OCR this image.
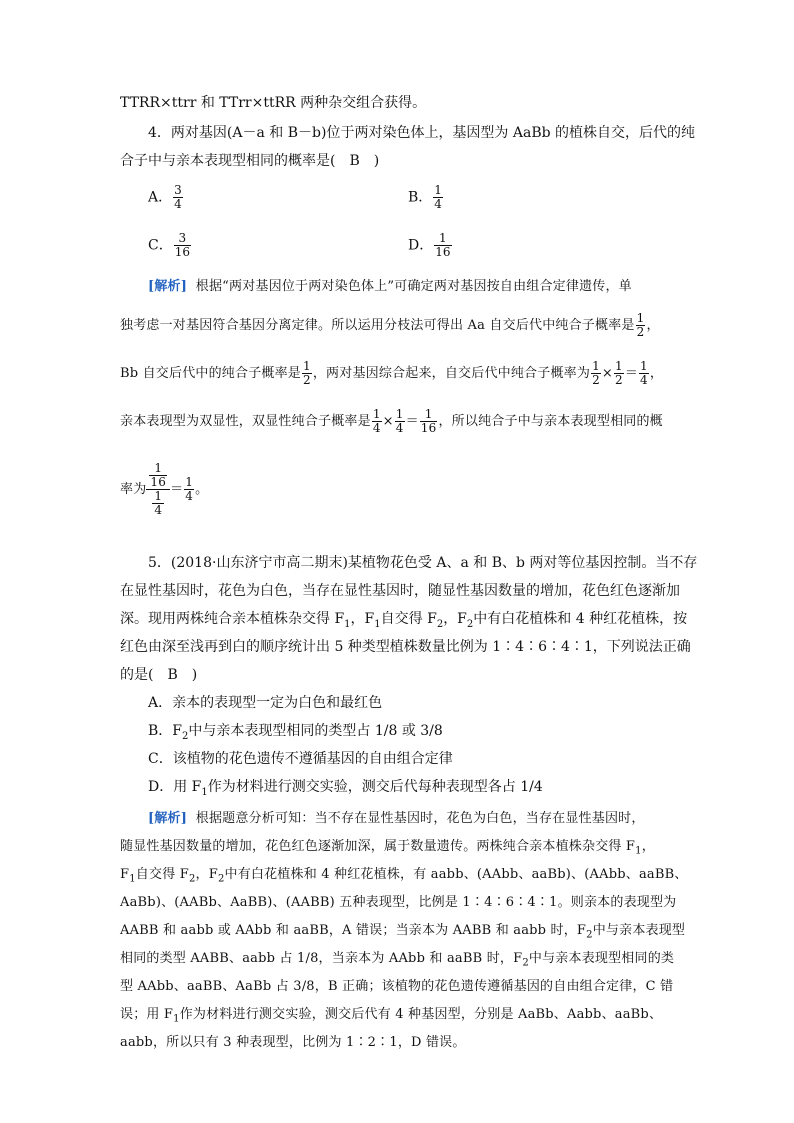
TTRR×ttrr 和 TTrr×ttRR 两种杂交组合获得。
4．两对基因(A－a 和 B－b)位于两对染色体上，基因型为 AaBb 的植株自交，后代的纯
合子中与亲本表现型相同的概率是(　B　)
A． $\frac{3}{4}$	B． $\frac{1}{4}$
C． $\frac{3}{16}$	D． $\frac{1}{16}$
[解析] 根据“两对基因位于两对染色体上”可确定两对基因按自由组合定律遗传，单
独考虑一对基因符合基因分离定律。所以运用分枝法可得出 Aa 自交后代中纯合子概率是 $\frac{1}{2}$ ，
Bb 自交后代中的纯合子概率是 $\frac{1}{2}$ ，两对基因综合起来，自交后代中纯合子概率为 $\frac{1}{2} \times \frac{1}{2} = \frac{1}{4}$ ，
亲本表现型为双显性，双显性纯合子概率是 $\frac{1}{4} \times \frac{1}{4} = \frac{1}{16}$ ，所以纯合子中与亲本表现型相同的概
率为 $\frac{\frac{1}{16}}{\frac{1}{4}} = \frac{1}{4}$ 。
5．(2018·山东济宁市高二期末)某植物花色受 A、a 和 B、b 两对等位基因控制。当不存
在显性基因时，花色为白色，当存在显性基因时，随显性基因数量的增加，花色红色逐渐加
深。现用两株纯合亲本植株杂交得 $F_1$，$F_1$自交得 $F_2$，$F_2$中有白花植株和 4 种红花植株，按
红色由深至浅再到白的顺序统计出 5 种类型植株数量比例为 1∶4∶6∶4∶1，下列说法正确
的是(　B　)
A．亲本的表现型一定为白色和最红色
B．$F_2$中与亲本表现型相同的类型占 1/8 或 3/8
C．该植物的花色遗传不遵循基因的自由组合定律
D．用 $F_1$作为材料进行测交实验，测交后代每种表现型各占 1/4
[解析] 根据题意分析可知：当不存在显性基因时，花色为白色，当存在显性基因时，
随显性基因数量的增加，花色红色逐渐加深，属于数量遗传。两株纯合亲本植株杂交得 $F_1$，
$F_1$自交得 $F_2$，$F_2$中有白花植株和 4 种红花植株，有 aabb、(AAbb、aaBb)、(AAbb、aaBB、
AaBb)、(AABb、AaBB)、(AABB) 五种表现型，比例是 1∶4∶6∶4∶1。则亲本的表现型为
AABB 和 aabb 或 AAbb 和 aaBB，A 错误；当亲本为 AABB 和 aabb 时，$F_2$中与亲本表现型
相同的类型 AABB、aabb 占 1/8，当亲本为 AAbb 和 aaBB 时，$F_2$中与亲本表现型相同的类
型 AAbb、aaBB、AaBb 占 3/8，B 正确；该植物的花色遗传遵循基因的自由组合定律，C 错
误；用 $F_1$作为材料进行测交实验，测交后代有 4 种基因型，分别是 AaBb、Aabb、aaBb、
aabb，所以只有 3 种表现型，比例为 1∶2∶1，D 错误。
